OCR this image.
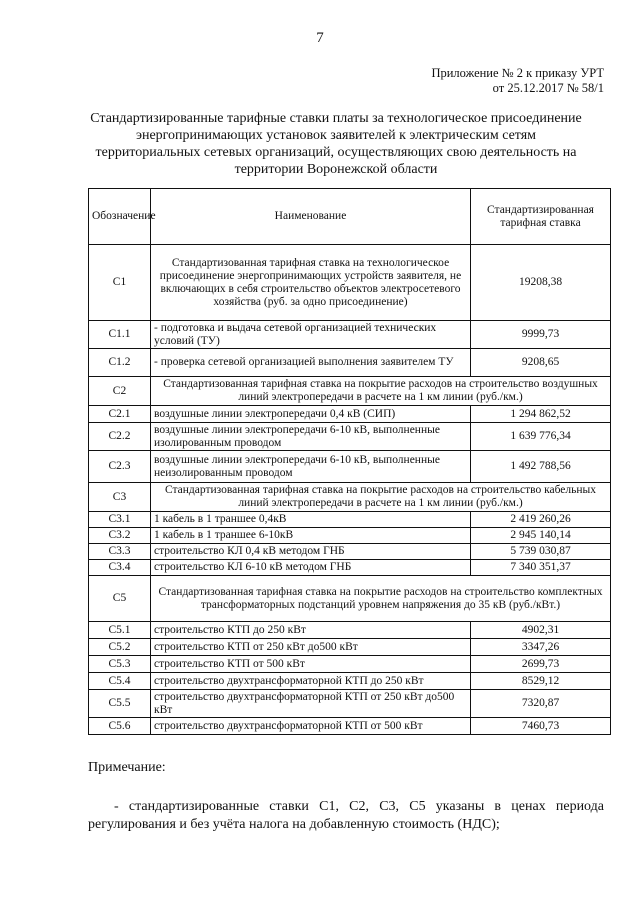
7
Приложение № 2 к приказу УРТ
от 25.12.2017 № 58/1
Стандартизированные тарифные ставки платы за технологическое присоединение энергопринимающих установок заявителей к электрическим сетям территориальных сетевых организаций, осуществляющих свою деятельность на территории Воронежской области
Обозначение	Наименование	Стандартизированная тарифная ставка
С1	Стандартизованная тарифная ставка на технологическое присоединение энергопринимающих устройств заявителя, не включающих в себя строительство объектов электросетевого хозяйства (руб. за одно присоединение)	19208,38
С1.1	- подготовка и выдача сетевой организацией технических условий (ТУ)	9999,73
С1.2	- проверка сетевой организацией выполнения заявителем ТУ	9208,65
С2	Стандартизованная тарифная ставка на покрытие расходов на строительство воздушных линий электропередачи в расчете на 1 км линии (руб./км.)	
С2.1	воздушные линии электропередачи 0,4 кВ (СИП)	1 294 862,52
С2.2	воздушные линии электропередачи 6-10 кВ, выполненные изолированным проводом	1 639 776,34
С2.3	воздушные линии электропередачи 6-10 кВ, выполненные неизолированным проводом	1 492 788,56
С3	Стандартизованная тарифная ставка на покрытие расходов на строительство кабельных линий электропередачи в расчете на 1 км линии (руб./км.)	
С3.1	1 кабель в 1 траншее 0,4кВ	2 419 260,26
С3.2	1 кабель в 1 траншее 6-10кВ	2 945 140,14
С3.3	строительство КЛ 0,4 кВ методом ГНБ	5 739 030,87
С3.4	строительство КЛ 6-10 кВ методом ГНБ	7 340 351,37
С5	Стандартизованная тарифная ставка на покрытие расходов на строительство комплектных трансформаторных подстанций уровнем напряжения до 35 кВ (руб./кВт.)	
С5.1	строительство КТП до 250 кВт	4902,31
С5.2	строительство КТП от 250 кВт до500 кВт	3347,26
С5.3	строительство КТП от 500 кВт	2699,73
С5.4	строительство двухтрансформаторной КТП до 250 кВт	8529,12
С5.5	строительство двухтрансформаторной КТП от 250 кВт до500 кВт	7320,87
С5.6	строительство двухтрансформаторной КТП от 500 кВт	7460,73
Примечание:
- стандартизированные ставки С1, С2, С3, С5 указаны в ценах периода регулирования и без учёта налога на добавленную стоимость (НДС);
